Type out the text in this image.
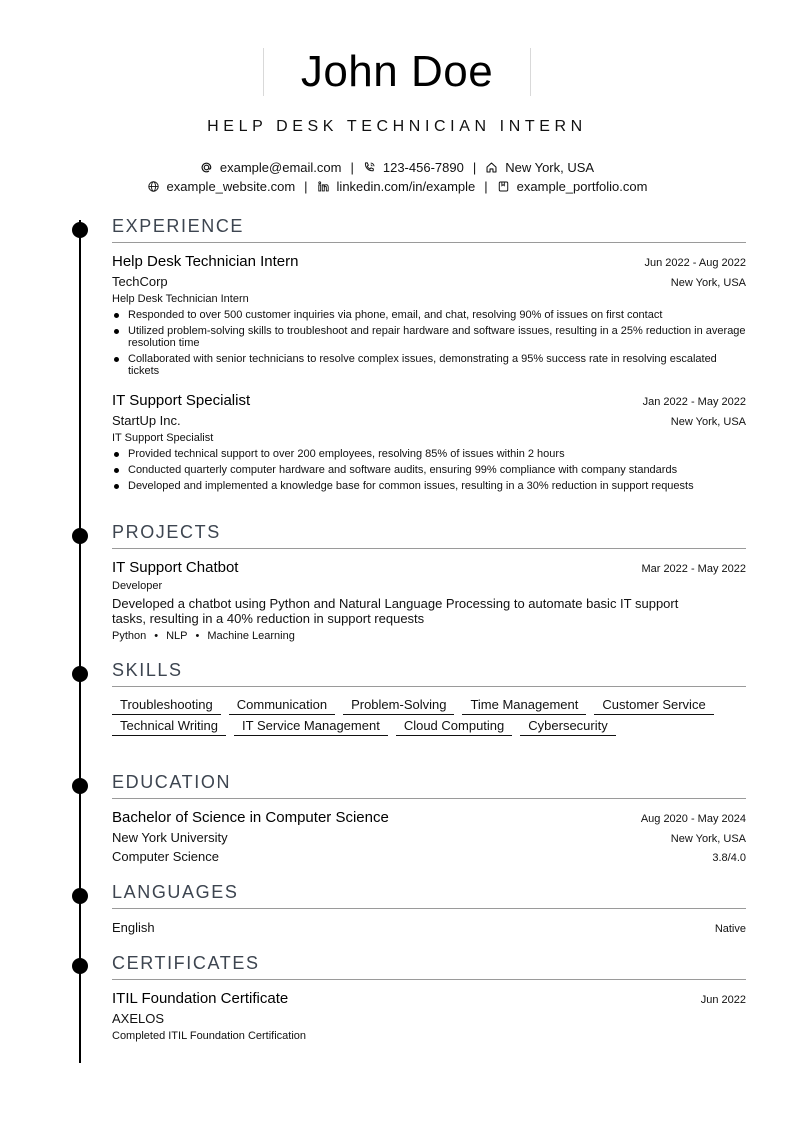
John Doe
HELP DESK TECHNICIAN INTERN
example@email.com | 123-456-7890 | New York, USA
example_website.com | linkedin.com/in/example | example_portfolio.com
EXPERIENCE
Help Desk Technician Intern	Jun 2022 - Aug 2022
TechCorp	New York, USA
Help Desk Technician Intern
Responded to over 500 customer inquiries via phone, email, and chat, resolving 90% of issues on first contact
Utilized problem-solving skills to troubleshoot and repair hardware and software issues, resulting in a 25% reduction in average resolution time
Collaborated with senior technicians to resolve complex issues, demonstrating a 95% success rate in resolving escalated tickets
IT Support Specialist	Jan 2022 - May 2022
StartUp Inc.	New York, USA
IT Support Specialist
Provided technical support to over 200 employees, resolving 85% of issues within 2 hours
Conducted quarterly computer hardware and software audits, ensuring 99% compliance with company standards
Developed and implemented a knowledge base for common issues, resulting in a 30% reduction in support requests
PROJECTS
IT Support Chatbot	Mar 2022 - May 2022
Developer
Developed a chatbot using Python and Natural Language Processing to automate basic IT support tasks, resulting in a 40% reduction in support requests
Python • NLP • Machine Learning
SKILLS
Troubleshooting	Communication	Problem-Solving	Time Management	Customer Service
Technical Writing	IT Service Management	Cloud Computing	Cybersecurity
EDUCATION
Bachelor of Science in Computer Science	Aug 2020 - May 2024
New York University	New York, USA
Computer Science	3.8/4.0
LANGUAGES
English	Native
CERTIFICATES
ITIL Foundation Certificate	Jun 2022
AXELOS
Completed ITIL Foundation Certification
